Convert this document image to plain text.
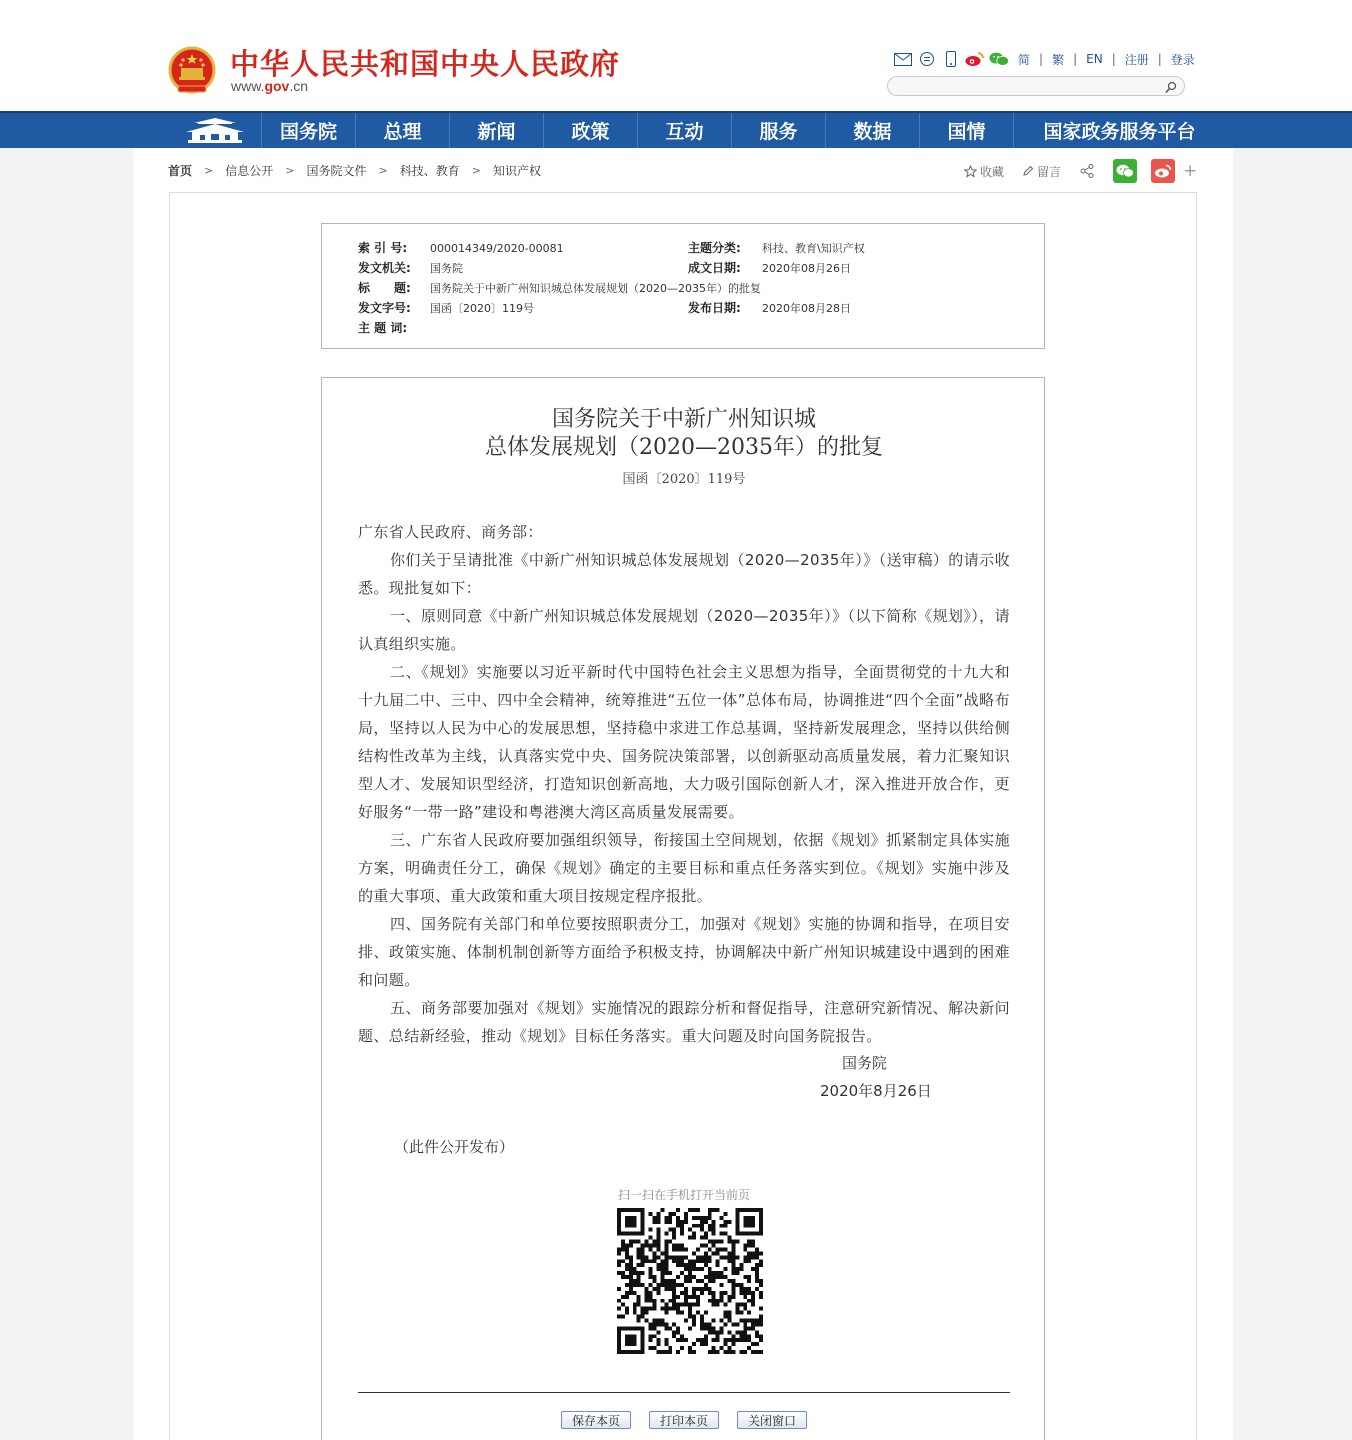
中华人民共和国中央人民政府
www.gov.cn
简 | 繁 | EN | 注册 | 登录
国务院	总理	新闻	政策	互动	服务	数据	国情	国家政务服务平台
首页 > 信息公开 > 国务院文件 > 科技、教育 > 知识产权	收藏	留言	+
索 引 号: 000014349/2020-00081	主题分类: 科技、教育\知识产权
发文机关: 国务院	成文日期: 2020年08月26日
标　　题: 国务院关于中新广州知识城总体发展规划（2020—2035年）的批复
发文字号: 国函〔2020〕119号	发布日期: 2020年08月28日
主 题 词:
国务院关于中新广州知识城
总体发展规划（2020—2035年）的批复
国函〔2020〕119号

广东省人民政府、商务部：

你们关于呈请批准《中新广州知识城总体发展规划（2020—2035年）》（送审稿）的请示收悉。现批复如下：

一、原则同意《中新广州知识城总体发展规划（2020—2035年）》（以下简称《规划》），请认真组织实施。

二、《规划》实施要以习近平新时代中国特色社会主义思想为指导，全面贯彻党的十九大和十九届二中、三中、四中全会精神，统筹推进“五位一体”总体布局，协调推进“四个全面”战略布局，坚持以人民为中心的发展思想，坚持稳中求进工作总基调，坚持新发展理念，坚持以供给侧结构性改革为主线，认真落实党中央、国务院决策部署，以创新驱动高质量发展，着力汇聚知识型人才、发展知识型经济，打造知识创新高地，大力吸引国际创新人才，深入推进开放合作，更好服务“一带一路”建设和粤港澳大湾区高质量发展需要。

三、广东省人民政府要加强组织领导，衔接国土空间规划，依据《规划》抓紧制定具体实施方案，明确责任分工，确保《规划》确定的主要目标和重点任务落实到位。《规划》实施中涉及的重大事项、重大政策和重大项目按规定程序报批。

四、国务院有关部门和单位要按照职责分工，加强对《规划》实施的协调和指导，在项目安排、政策实施、体制机制创新等方面给予积极支持，协调解决中新广州知识城建设中遇到的困难和问题。

五、商务部要加强对《规划》实施情况的跟踪分析和督促指导，注意研究新情况、解决新问题、总结新经验，推动《规划》目标任务落实。重大问题及时向国务院报告。

国务院
2020年8月26日
（此件公开发布）
扫一扫在手机打开当前页
保存本页	打印本页	关闭窗口
